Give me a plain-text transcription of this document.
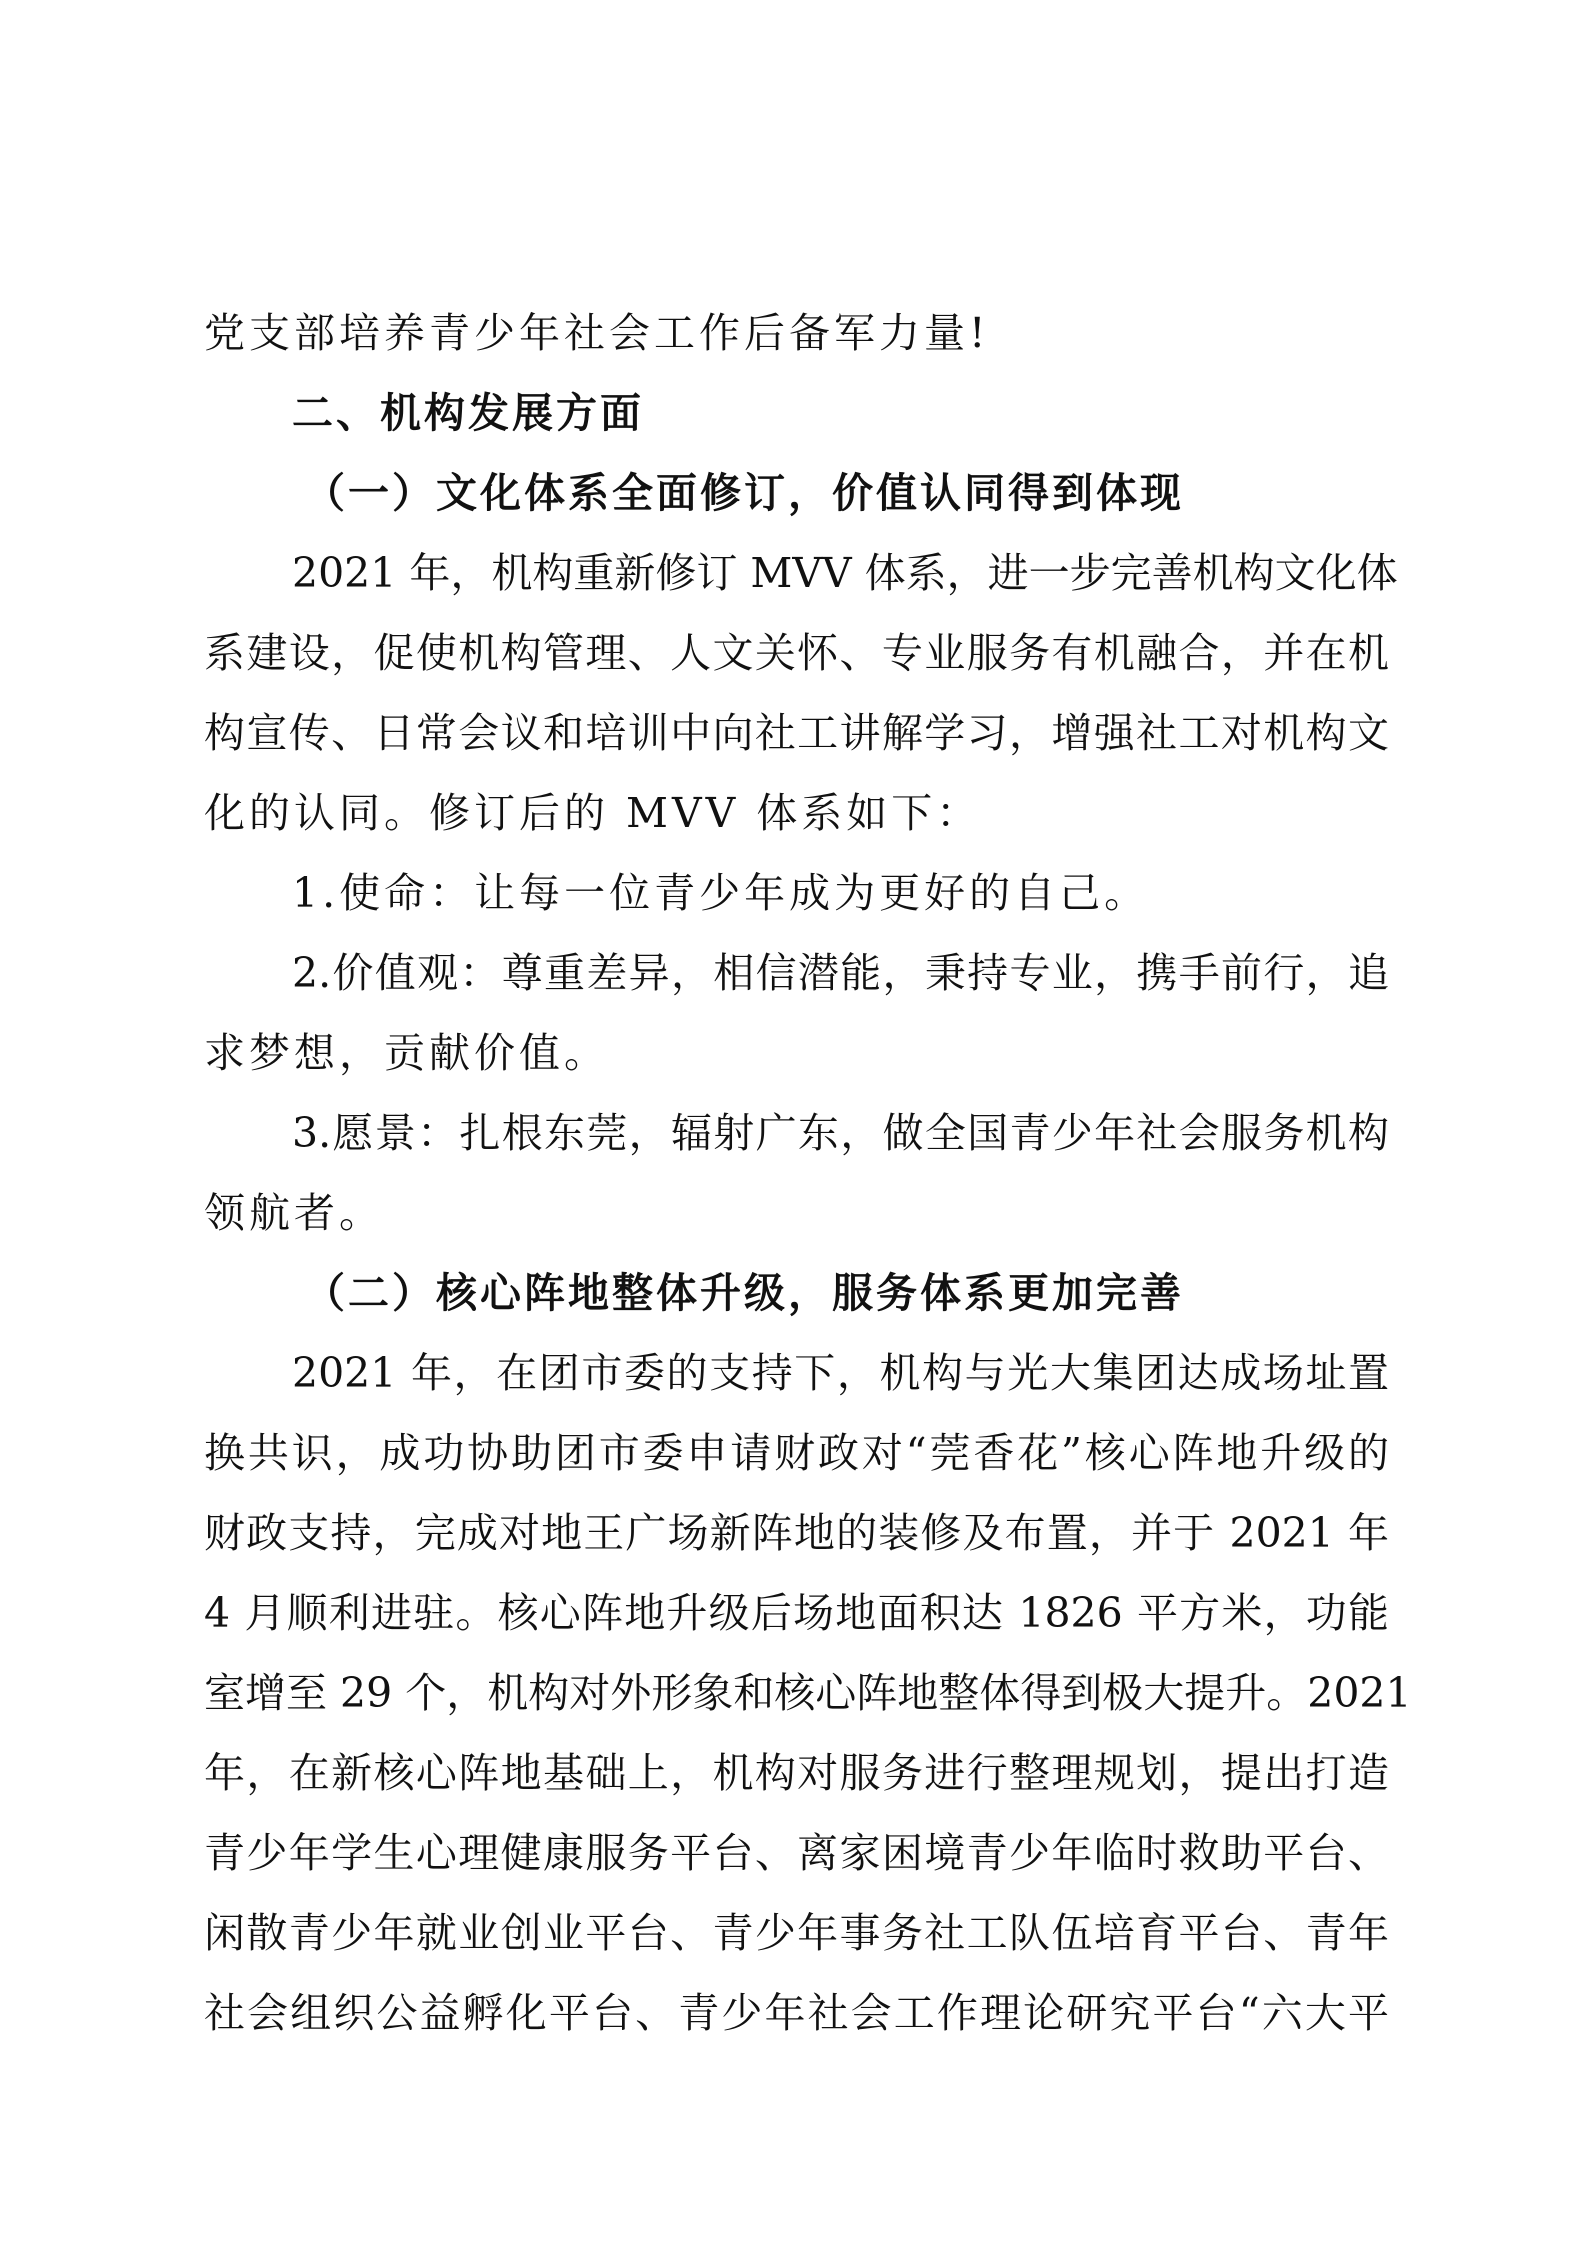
党支部培养青少年社会工作后备军力量!
二、机构发展方面
（一）文化体系全面修订，价值认同得到体现
2021 年，机构重新修订 MVV 体系，进一步完善机构文化体
系建设，促使机构管理、人文关怀、专业服务有机融合，并在机
构宣传、日常会议和培训中向社工讲解学习，增强社工对机构文
化的认同。修订后的 MVV 体系如下：
1.使命：让每一位青少年成为更好的自己。
2.价值观：尊重差异，相信潜能，秉持专业，携手前行，追
求梦想，贡献价值。
3.愿景：扎根东莞，辐射广东，做全国青少年社会服务机构
领航者。
（二）核心阵地整体升级，服务体系更加完善
2021 年，在团市委的支持下，机构与光大集团达成场址置
换共识，成功协助团市委申请财政对“莞香花”核心阵地升级的
财政支持，完成对地王广场新阵地的装修及布置，并于 2021 年
4 月顺利进驻。核心阵地升级后场地面积达 1826 平方米，功能
室增至 29 个，机构对外形象和核心阵地整体得到极大提升。2021
年，在新核心阵地基础上，机构对服务进行整理规划，提出打造
青少年学生心理健康服务平台、离家困境青少年临时救助平台、
闲散青少年就业创业平台、青少年事务社工队伍培育平台、青年
社会组织公益孵化平台、青少年社会工作理论研究平台“六大平
